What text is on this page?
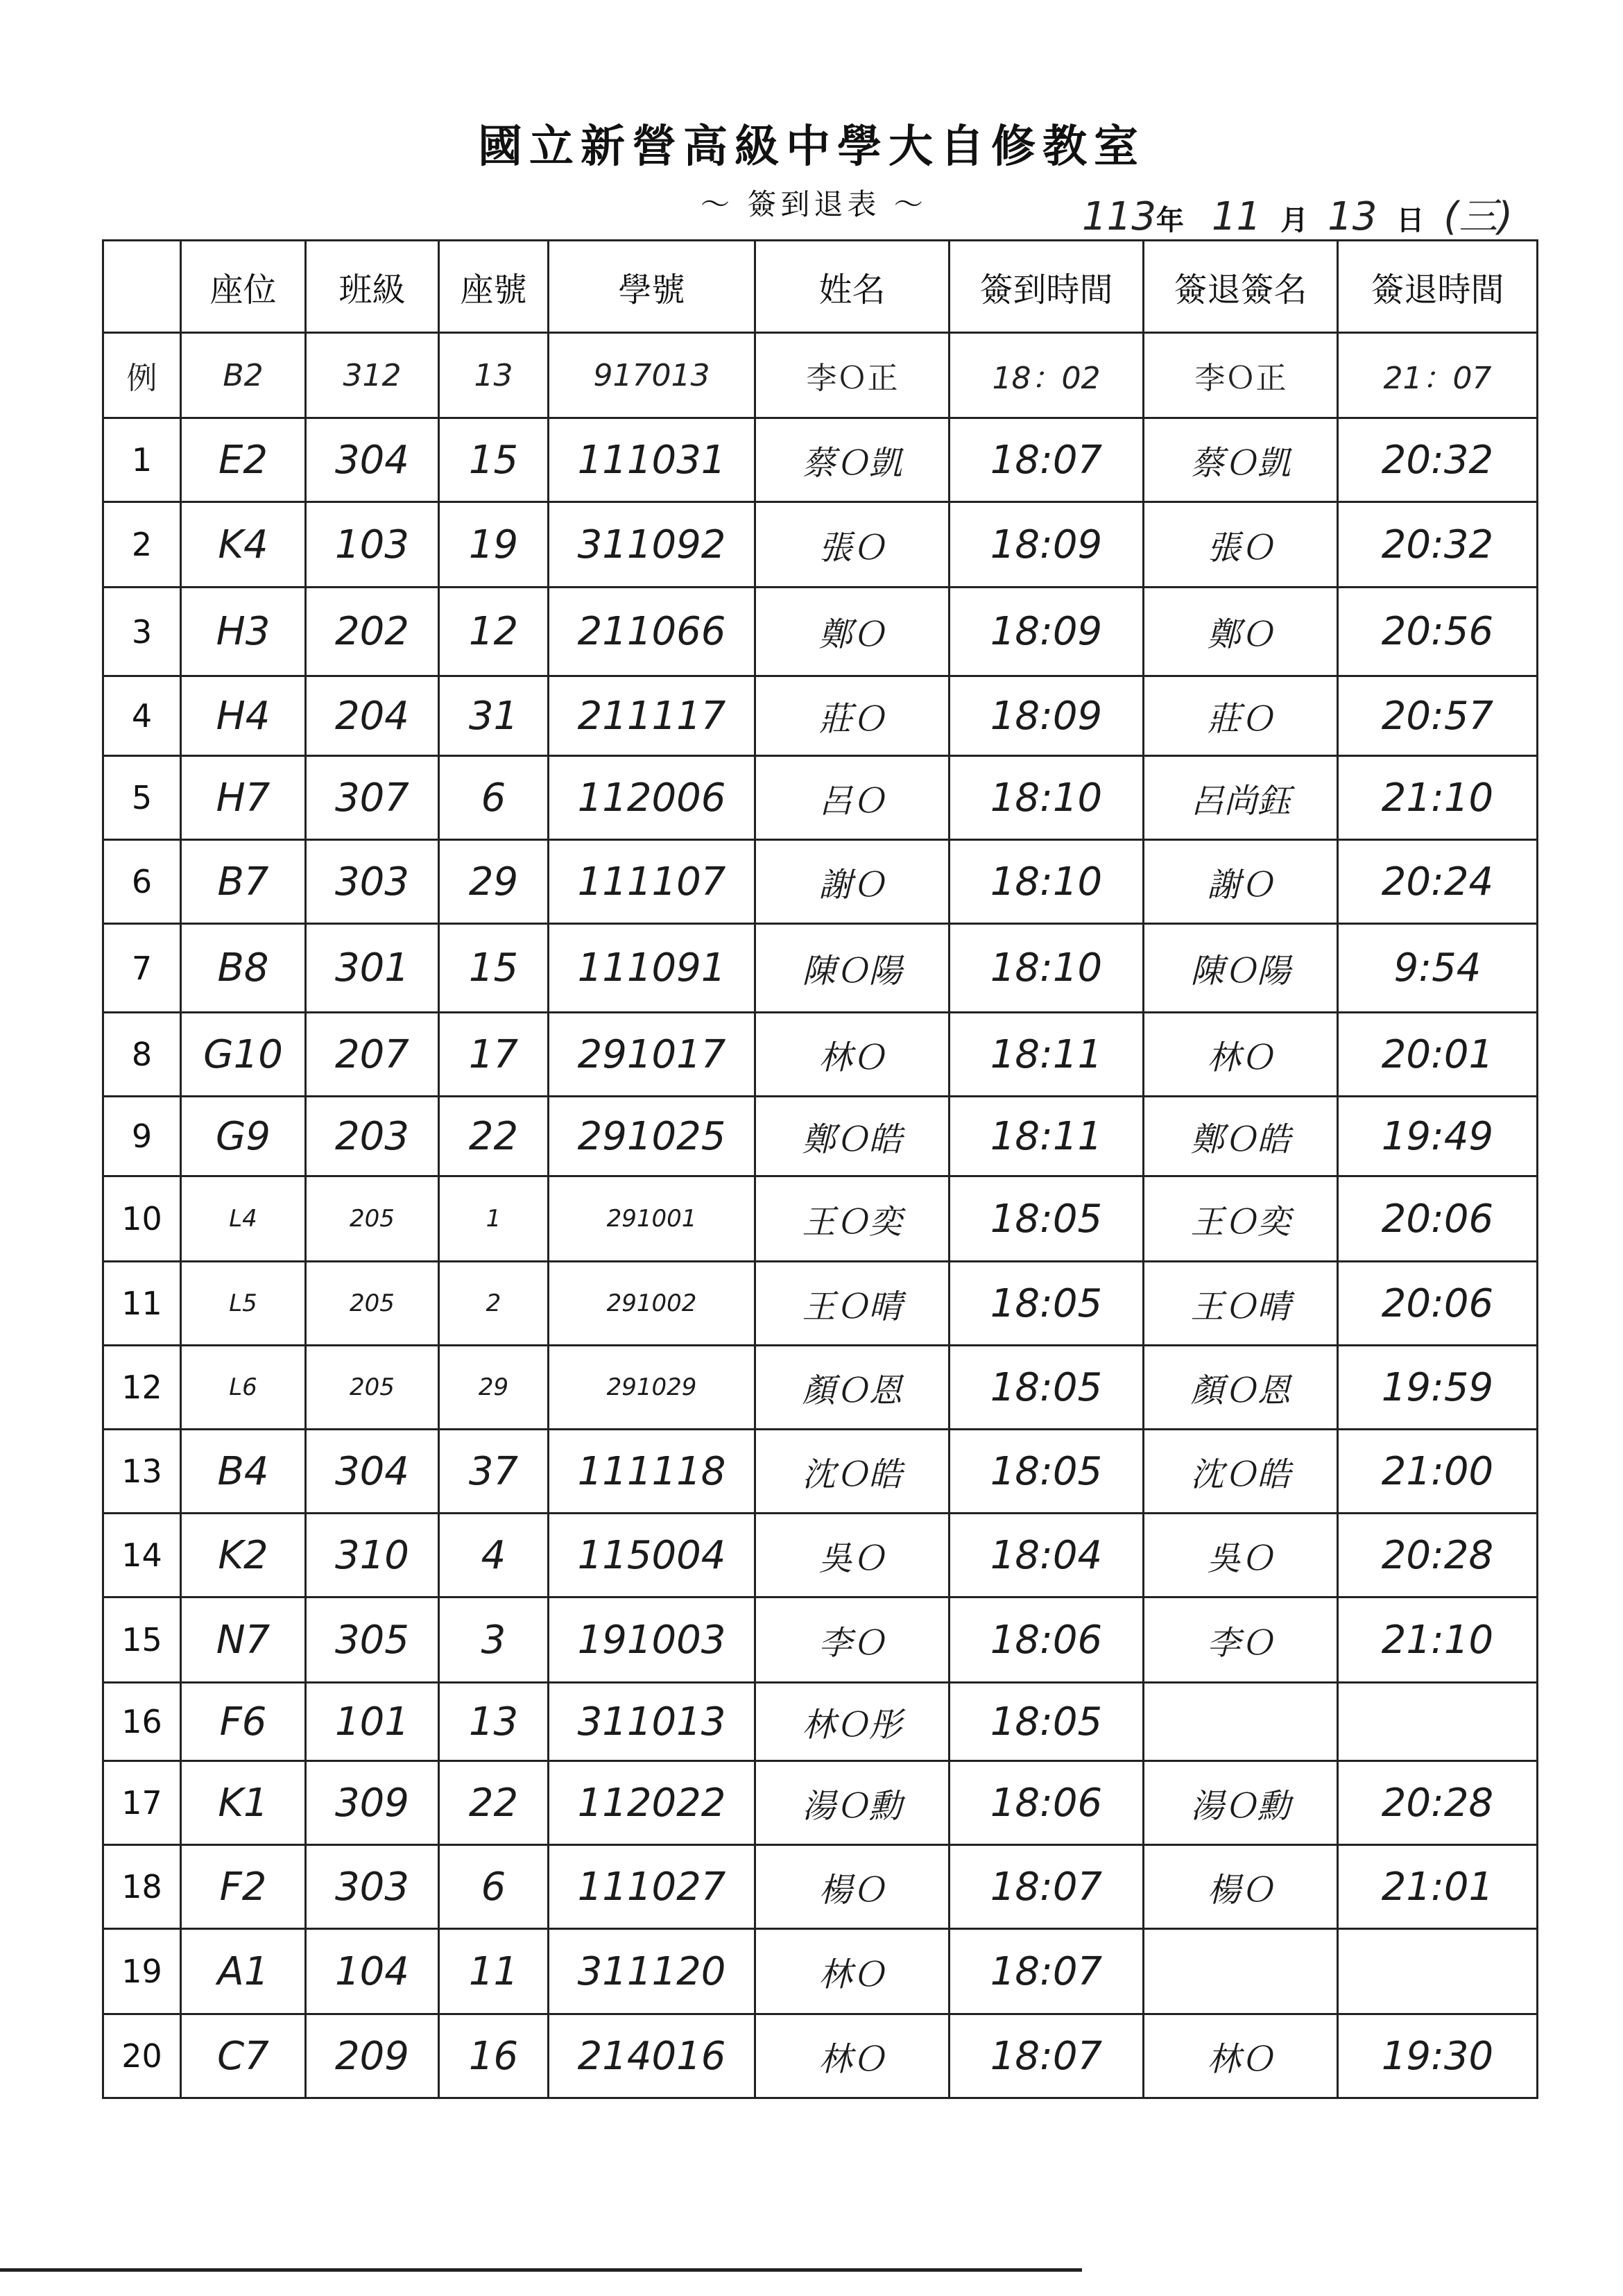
國立新營高級中學大自修教室
～ 簽到退表 ～	113年 11 月 13 日 (三)
	座位	班級	座號	學號	姓名	簽到時間	簽退簽名	簽退時間
例	B2	312	13	917013	李Ｏ正	18：02	李Ｏ正	21：07
1	E2	304	15	111031	蔡Ｏ凱	18:07	蔡Ｏ凱	20:32
2	K4	103	19	311092	張Ｏ	18:09	張Ｏ	20:32
3	H3	202	12	211066	鄭Ｏ	18:09	鄭Ｏ	20:56
4	H4	204	31	211117	莊Ｏ	18:09	莊Ｏ	20:57
5	H7	307	6	112006	呂Ｏ	18:10	呂尚鈺	21:10
6	B7	303	29	111107	謝Ｏ	18:10	謝Ｏ	20:24
7	B8	301	15	111091	陳Ｏ陽	18:10	陳Ｏ陽	9:54
8	G10	207	17	291017	林Ｏ	18:11	林Ｏ	20:01
9	G9	203	22	291025	鄭Ｏ皓	18:11	鄭Ｏ皓	19:49
10	L4	205	1	291001	王Ｏ奕	18:05	王Ｏ奕	20:06
11	L5	205	2	291002	王Ｏ晴	18:05	王Ｏ晴	20:06
12	L6	205	29	291029	顏Ｏ恩	18:05	顏Ｏ恩	19:59
13	B4	304	37	111118	沈Ｏ皓	18:05	沈Ｏ皓	21:00
14	K2	310	4	115004	吳Ｏ	18:04	吳Ｏ	20:28
15	N7	305	3	191003	李Ｏ	18:06	李Ｏ	21:10
16	F6	101	13	311013	林Ｏ彤	18:05		
17	K1	309	22	112022	湯Ｏ勳	18:06	湯Ｏ勳	20:28
18	F2	303	6	111027	楊Ｏ	18:07	楊Ｏ	21:01
19	A1	104	11	311120	林Ｏ	18:07		
20	C7	209	16	214016	林Ｏ	18:07	林Ｏ	19:30
